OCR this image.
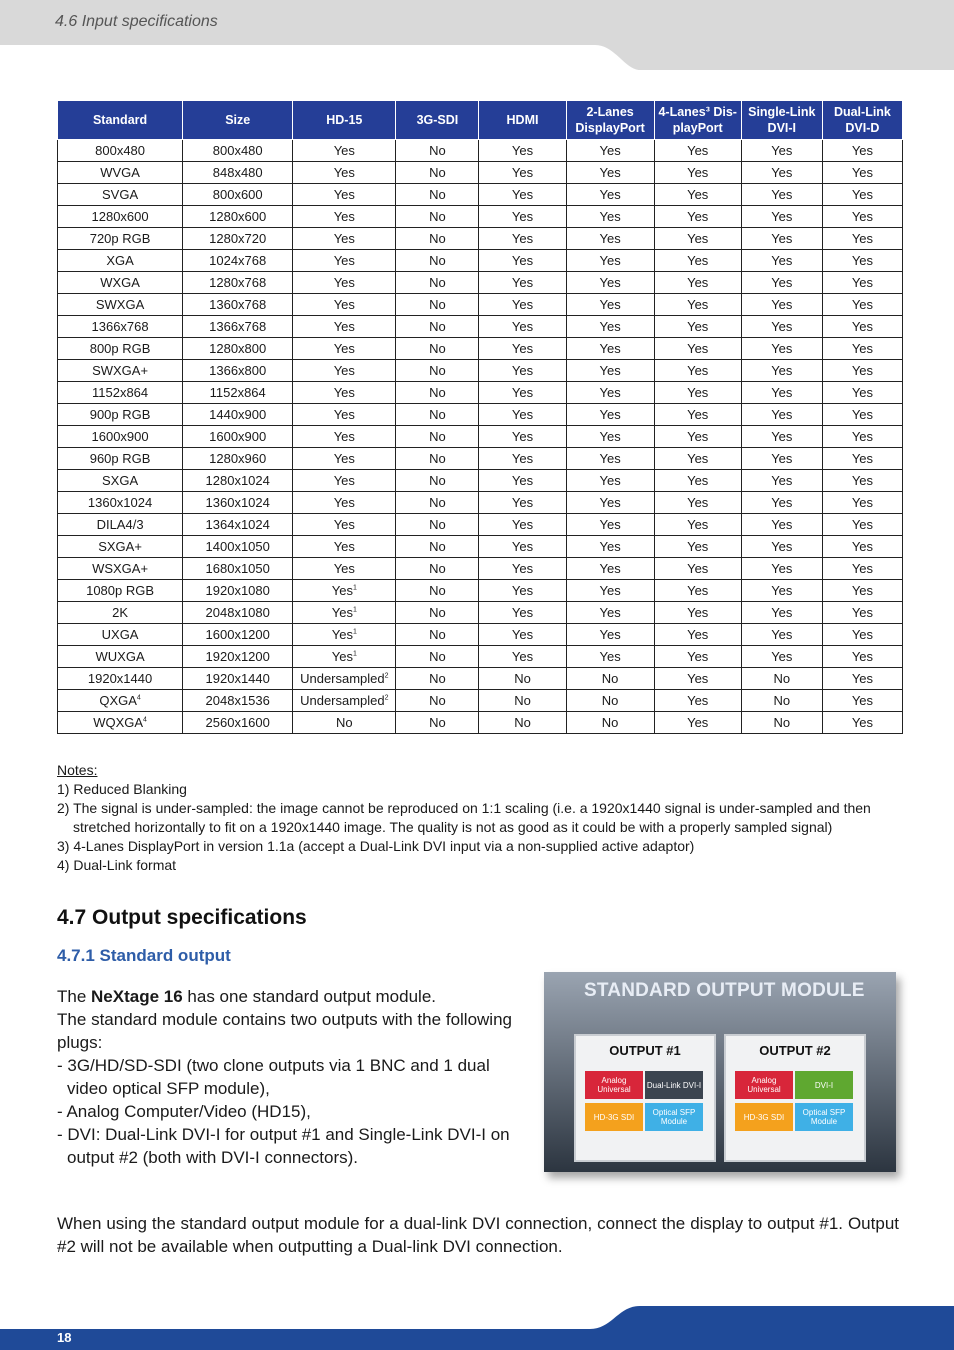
4.6 Input specifications
Standard	Size	HD-15	3G-SDI	HDMI	2-Lanes DisplayPort	4-Lanes³ Dis-playPort	Single-Link DVI-I	Dual-Link DVI-D
800x480	800x480	Yes	No	Yes	Yes	Yes	Yes	Yes
WVGA	848x480	Yes	No	Yes	Yes	Yes	Yes	Yes
SVGA	800x600	Yes	No	Yes	Yes	Yes	Yes	Yes
1280x600	1280x600	Yes	No	Yes	Yes	Yes	Yes	Yes
720p RGB	1280x720	Yes	No	Yes	Yes	Yes	Yes	Yes
XGA	1024x768	Yes	No	Yes	Yes	Yes	Yes	Yes
WXGA	1280x768	Yes	No	Yes	Yes	Yes	Yes	Yes
SWXGA	1360x768	Yes	No	Yes	Yes	Yes	Yes	Yes
1366x768	1366x768	Yes	No	Yes	Yes	Yes	Yes	Yes
800p RGB	1280x800	Yes	No	Yes	Yes	Yes	Yes	Yes
SWXGA+	1366x800	Yes	No	Yes	Yes	Yes	Yes	Yes
1152x864	1152x864	Yes	No	Yes	Yes	Yes	Yes	Yes
900p RGB	1440x900	Yes	No	Yes	Yes	Yes	Yes	Yes
1600x900	1600x900	Yes	No	Yes	Yes	Yes	Yes	Yes
960p RGB	1280x960	Yes	No	Yes	Yes	Yes	Yes	Yes
SXGA	1280x1024	Yes	No	Yes	Yes	Yes	Yes	Yes
1360x1024	1360x1024	Yes	No	Yes	Yes	Yes	Yes	Yes
DILA4/3	1364x1024	Yes	No	Yes	Yes	Yes	Yes	Yes
SXGA+	1400x1050	Yes	No	Yes	Yes	Yes	Yes	Yes
WSXGA+	1680x1050	Yes	No	Yes	Yes	Yes	Yes	Yes
1080p RGB	1920x1080	Yes$^1$	No	Yes	Yes	Yes	Yes	Yes
2K	2048x1080	Yes$^1$	No	Yes	Yes	Yes	Yes	Yes
UXGA	1600x1200	Yes$^1$	No	Yes	Yes	Yes	Yes	Yes
WUXGA	1920x1200	Yes$^1$	No	Yes	Yes	Yes	Yes	Yes
1920x1440	1920x1440	Undersampled$^2$	No	No	No	Yes	No	Yes
QXGA$^4$	2048x1536	Undersampled$^2$	No	No	No	Yes	No	Yes
WQXGA$^4$	2560x1600	No	No	No	No	Yes	No	Yes
Notes:
1) Reduced Blanking
2) The signal is under-sampled: the image cannot be reproduced on 1:1 scaling (i.e. a 1920x1440 signal is under-sampled and then stretched horizontally to fit on a 1920x1440 image. The quality is not as good as it could be with a properly sampled signal)
3) 4-Lanes DisplayPort in version 1.1a (accept a Dual-Link DVI input via a non-supplied active adaptor)
4) Dual-Link format
4.7 Output specifications
4.7.1 Standard output
The NeXtage 16 has one standard output module.
The standard module contains two outputs with the following plugs:
- 3G/HD/SD-SDI (two clone outputs via 1 BNC and 1 dual video optical SFP module),
- Analog Computer/Video (HD15),
- DVI: Dual-Link DVI-I for output #1 and Single-Link DVI-I on output #2 (both with DVI-I connectors).
STANDARD OUTPUT MODULE
OUTPUT #1
Analog Universal	Dual-Link DVI-I
HD-3G SDI	Optical SFP Module
OUTPUT #2
Analog Universal	DVI-I
HD-3G SDI	Optical SFP Module
When using the standard output module for a dual-link DVI connection, connect the display to output #1. Output #2 will not be available when outputting a Dual-link DVI connection.
18
